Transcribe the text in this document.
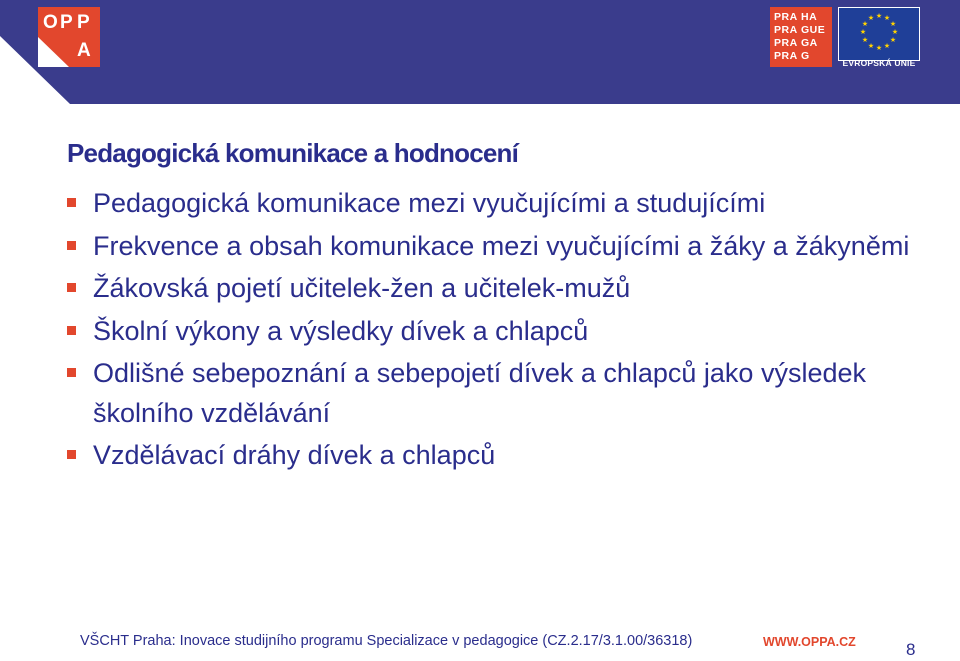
O P P
A
PRA HA
PRA GUE
PRA GA
PRA G
★ ★
★
★
★
★
★
★
★
★
★
★
EVROPSKÁ UNIE
Pedagogická komunikace a hodnocení
Pedagogická komunikace mezi vyučujícími a studujícími
Frekvence a obsah komunikace mezi vyučujícími a žáky a žákyněmi
Žákovská pojetí učitelek-žen a učitelek-mužů
Školní výkony a výsledky dívek a chlapců
Odlišné sebepoznání a sebepojetí dívek a chlapců jako výsledek školního vzdělávání
Vzdělávací dráhy dívek a chlapců
VŠCHT Praha: Inovace studijního programu Specializace v pedagogice (CZ.2.17/3.1.00/36318)	WWW.OPPA.CZ	8
